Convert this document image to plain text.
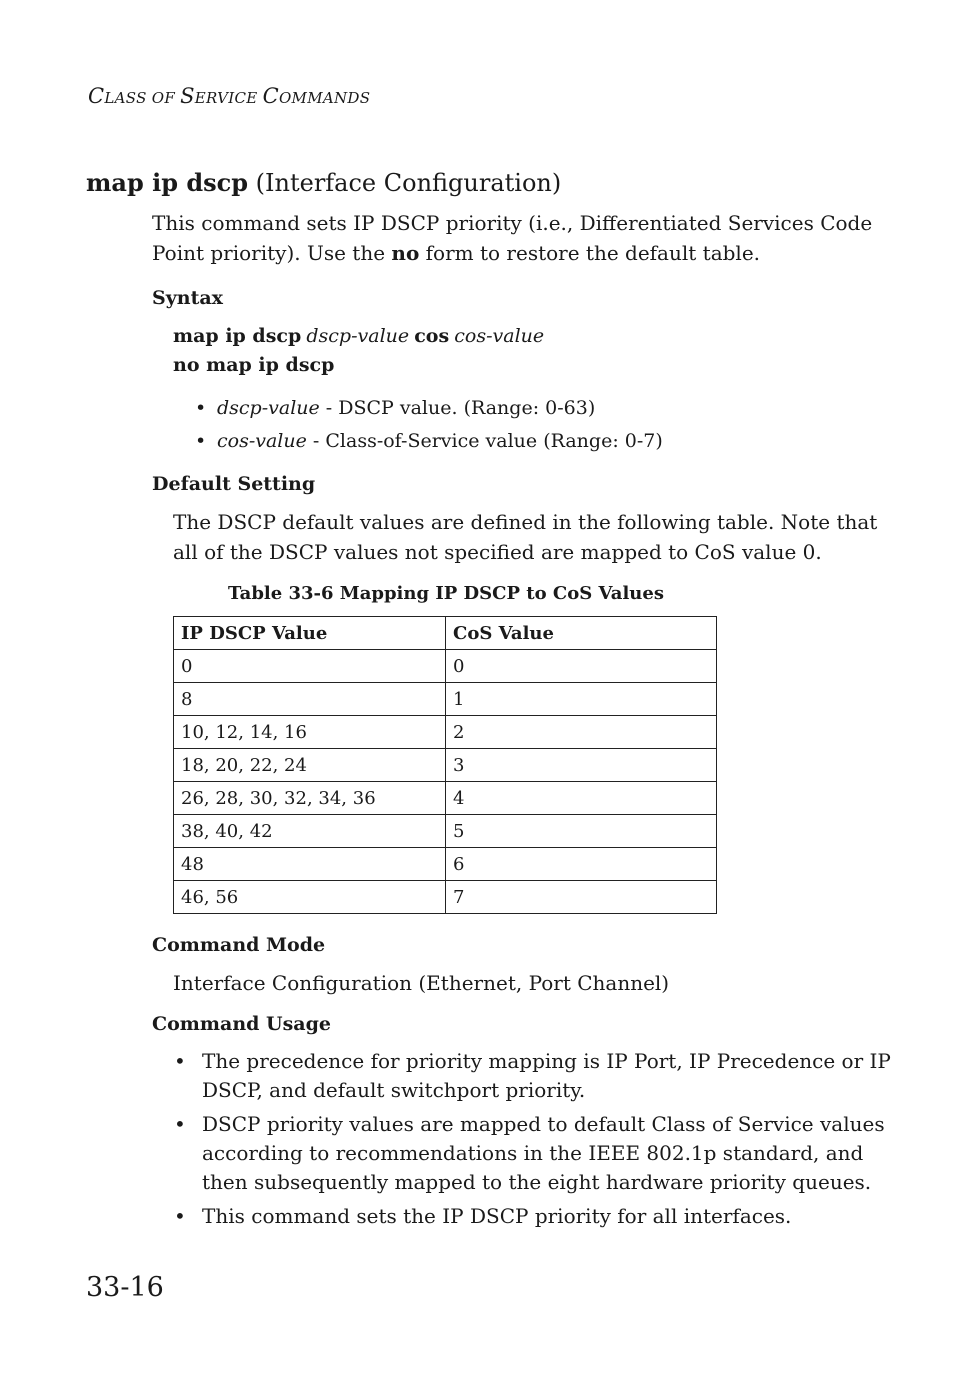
CLASS OF SERVICE COMMANDS
map ip dscp (Interface Configuration)
This command sets IP DSCP priority (i.e., Differentiated Services Code
Point priority). Use the no form to restore the default table.
Syntax
map ip dscp dscp-value cos cos-value
no map ip dscp
• dscp-value - DSCP value. (Range: 0-63)
• cos-value - Class-of-Service value (Range: 0-7)
Default Setting
The DSCP default values are defined in the following table. Note that
all of the DSCP values not specified are mapped to CoS value 0.
Table 33-6 Mapping IP DSCP to CoS Values
IP DSCP Value	CoS Value
0	0
8	1
10, 12, 14, 16	2
18, 20, 22, 24	3
26, 28, 30, 32, 34, 36	4
38, 40, 42	5
48	6
46, 56	7
Command Mode
Interface Configuration (Ethernet, Port Channel)
Command Usage
• The precedence for priority mapping is IP Port, IP Precedence or IP
DSCP, and default switchport priority.
• DSCP priority values are mapped to default Class of Service values
according to recommendations in the IEEE 802.1p standard, and
then subsequently mapped to the eight hardware priority queues.
• This command sets the IP DSCP priority for all interfaces.
33-16
